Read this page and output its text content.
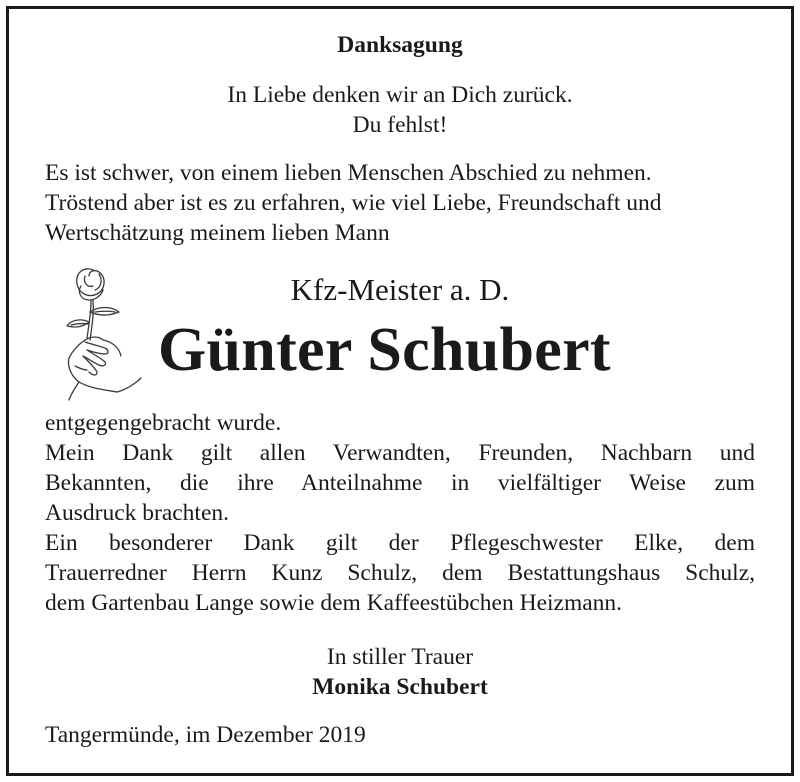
Danksagung
In Liebe denken wir an Dich zurück.
Du fehlst!
Es ist schwer, von einem lieben Menschen Abschied zu nehmen.
Tröstend aber ist es zu erfahren, wie viel Liebe, Freundschaft und
Wertschätzung meinem lieben Mann
Kfz-Meister a. D.
Günter Schubert
entgegengebracht wurde.
Mein Dank gilt allen Verwandten, Freunden, Nachbarn und
Bekannten, die ihre Anteilnahme in vielfältiger Weise zum
Ausdruck brachten.
Ein besonderer Dank gilt der Pflegeschwester Elke, dem
Trauerredner Herrn Kunz Schulz, dem Bestattungshaus Schulz,
dem Gartenbau Lange sowie dem Kaffeestübchen Heizmann.
In stiller Trauer
Monika Schubert
Tangermünde, im Dezember 2019
